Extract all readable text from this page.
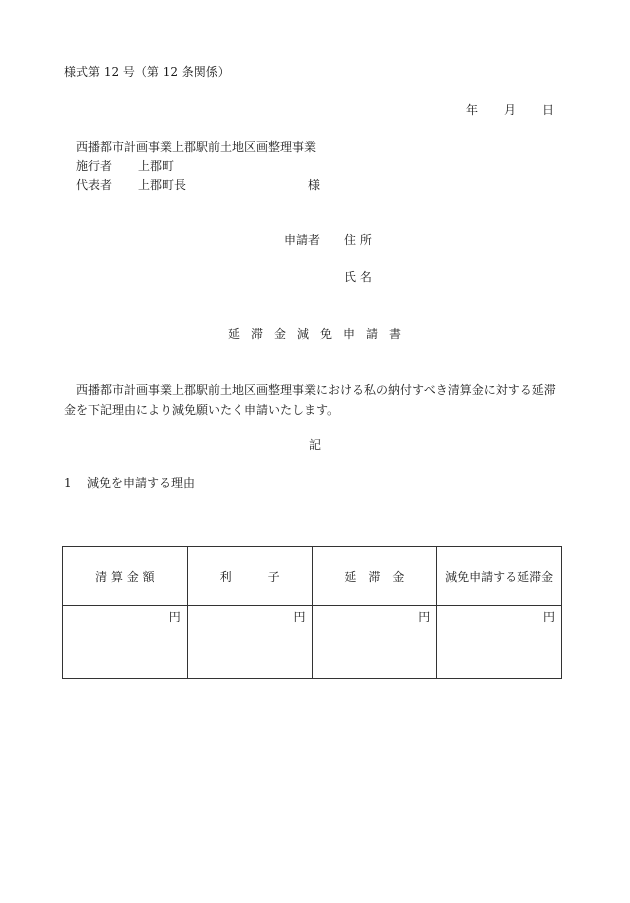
様式第 12 号（第 12 条関係）
年 月 日
西播都市計画事業上郡駅前土地区画整理事業
施行者 上郡町
代表者 上郡町長	様
申請者 住 所
氏 名
延滞金減免申請書
西播都市計画事業上郡駅前土地区画整理事業における私の納付すべき清算金に対する延滞金を下記理由により減免願いたく申請いたします。
記
1 減免を申請する理由
清 算 金 額	利　　　子	延　滞　金	減免申請する延滞金
円	円	円	円
